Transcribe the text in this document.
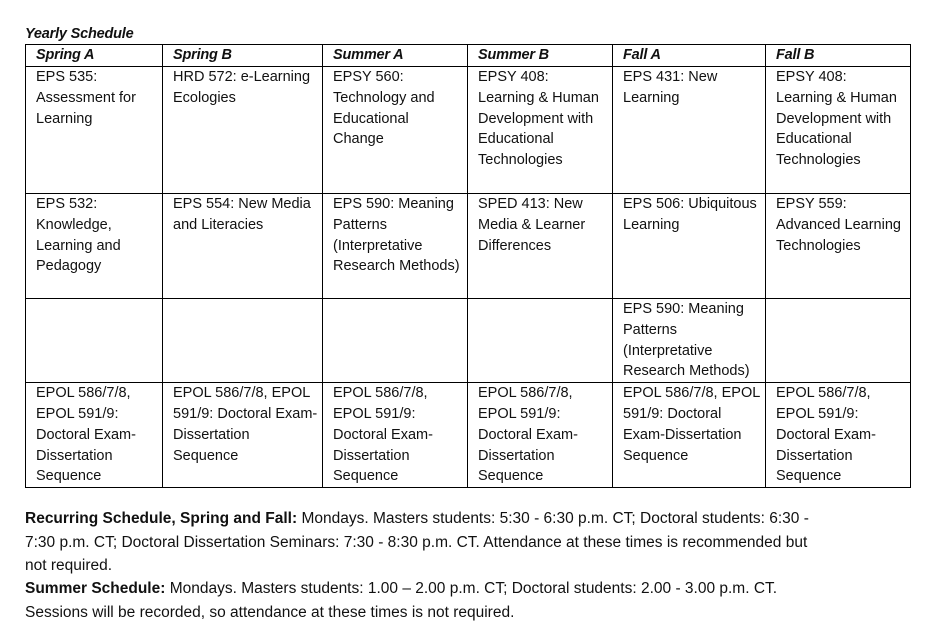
Yearly Schedule
Spring A	Spring B	Summer A	Summer B	Fall A	Fall B
EPS 535: Assessment for Learning	HRD 572: e-Learning Ecologies	EPSY 560: Technology and Educational Change	EPSY 408: Learning & Human Development with Educational Technologies	EPS 431: New Learning	EPSY 408: Learning & Human Development with Educational Technologies
EPS 532: Knowledge, Learning and Pedagogy	EPS 554: New Media and Literacies	EPS 590: Meaning Patterns (Interpretative Research Methods)	SPED 413: New Media & Learner Differences	EPS 506: Ubiquitous Learning	EPSY 559: Advanced Learning Technologies
				EPS 590: Meaning Patterns (Interpretative Research Methods)	
EPOL 586/7/8, EPOL 591/9: Doctoral Exam-Dissertation Sequence	EPOL 586/7/8, EPOL 591/9: Doctoral Exam-Dissertation Sequence	EPOL 586/7/8, EPOL 591/9: Doctoral Exam-Dissertation Sequence	EPOL 586/7/8, EPOL 591/9: Doctoral Exam-Dissertation Sequence	EPOL 586/7/8, EPOL 591/9: Doctoral Exam-Dissertation Sequence	EPOL 586/7/8, EPOL 591/9: Doctoral Exam-Dissertation Sequence

Recurring Schedule, Spring and Fall: Mondays. Masters students: 5:30 - 6:30 p.m. CT; Doctoral students: 6:30 - 7:30 p.m. CT; Doctoral Dissertation Seminars: 7:30 - 8:30 p.m. CT. Attendance at these times is recommended but not required.

Summer Schedule: Mondays. Masters students: 1.00 – 2.00 p.m. CT; Doctoral students: 2.00 - 3.00 p.m. CT. Sessions will be recorded, so attendance at these times is not required.
